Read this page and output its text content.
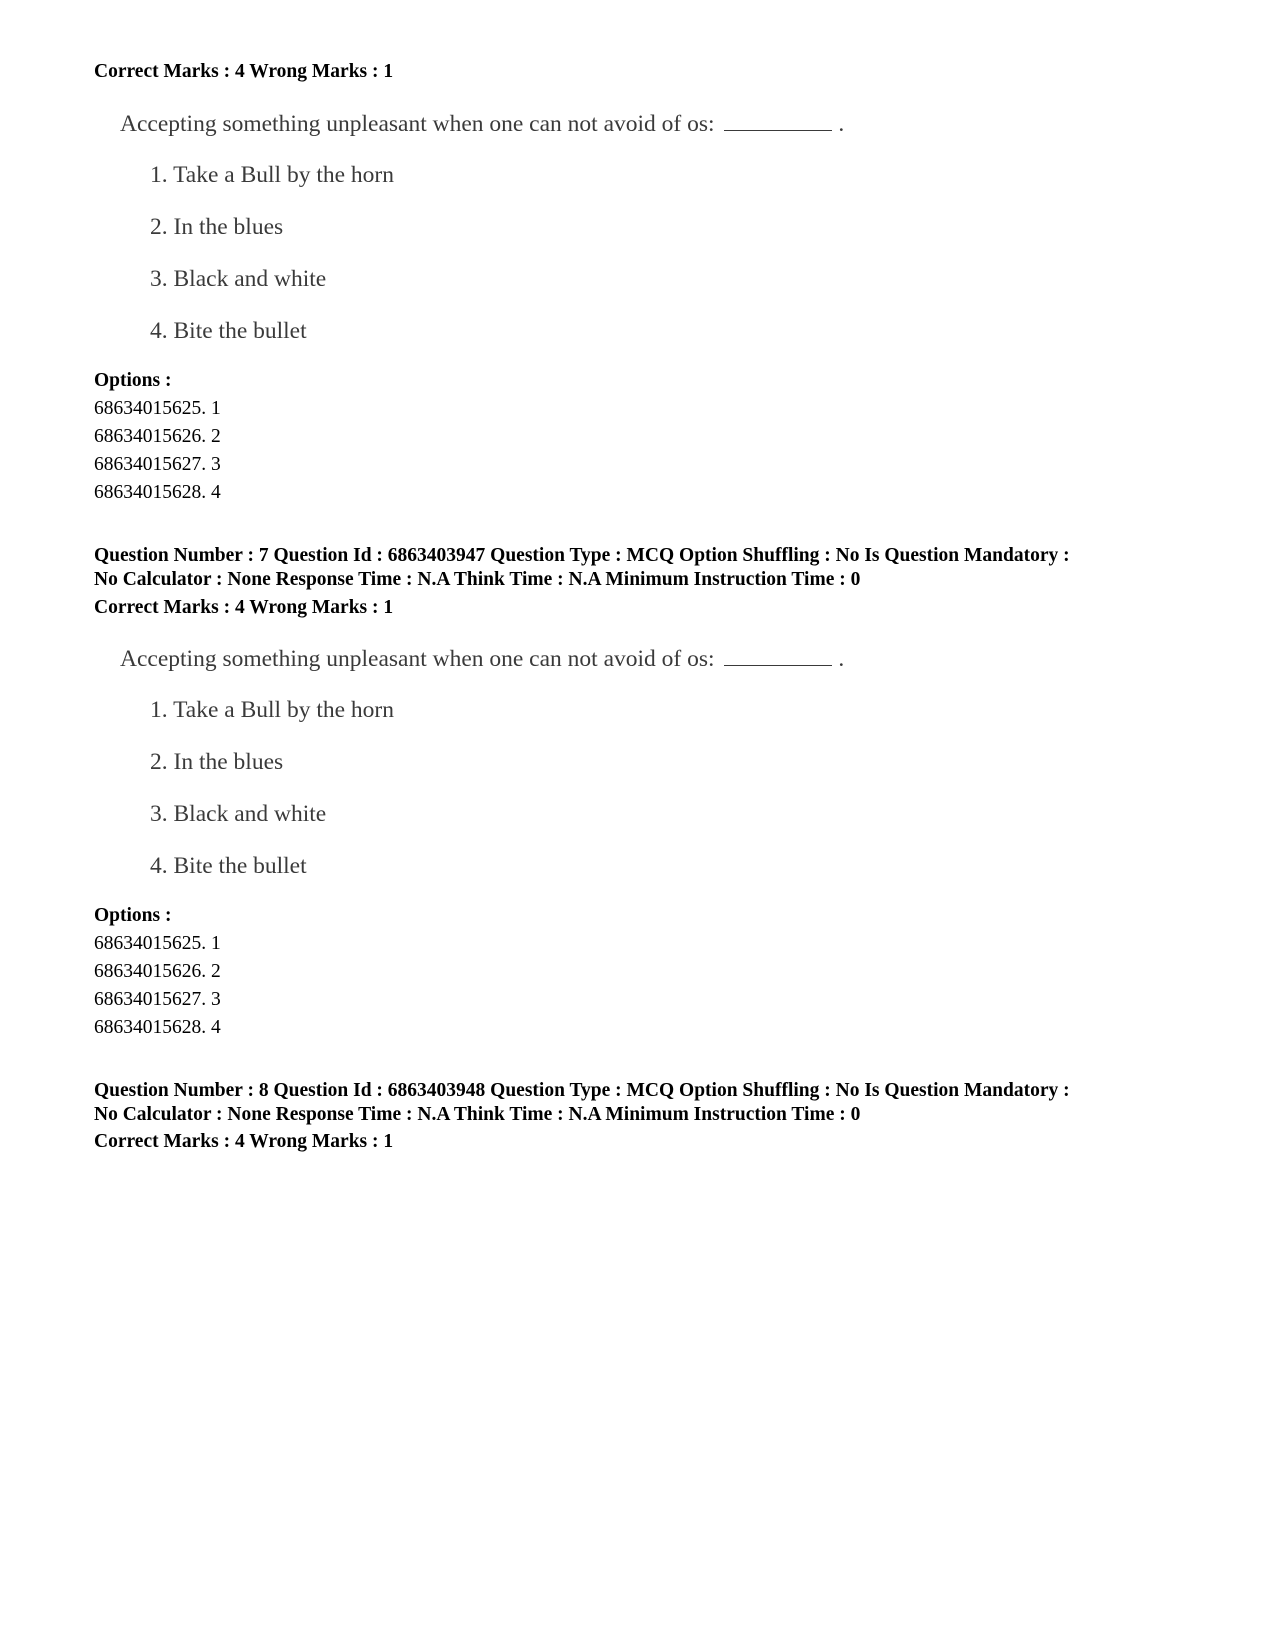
Correct Marks : 4 Wrong Marks : 1
Accepting something unpleasant when one can not avoid of os:	.
1. Take a Bull by the horn
2. In the blues
3. Black and white
4. Bite the bullet
Options :
68634015625. 1
68634015626. 2
68634015627. 3
68634015628. 4
Question Number : 7 Question Id : 6863403947 Question Type : MCQ Option Shuffling : No Is Question Mandatory :
No Calculator : None Response Time : N.A Think Time : N.A Minimum Instruction Time : 0
Correct Marks : 4 Wrong Marks : 1
Accepting something unpleasant when one can not avoid of os:	.
1. Take a Bull by the horn
2. In the blues
3. Black and white
4. Bite the bullet
Options :
68634015625. 1
68634015626. 2
68634015627. 3
68634015628. 4
Question Number : 8 Question Id : 6863403948 Question Type : MCQ Option Shuffling : No Is Question Mandatory :
No Calculator : None Response Time : N.A Think Time : N.A Minimum Instruction Time : 0
Correct Marks : 4 Wrong Marks : 1
